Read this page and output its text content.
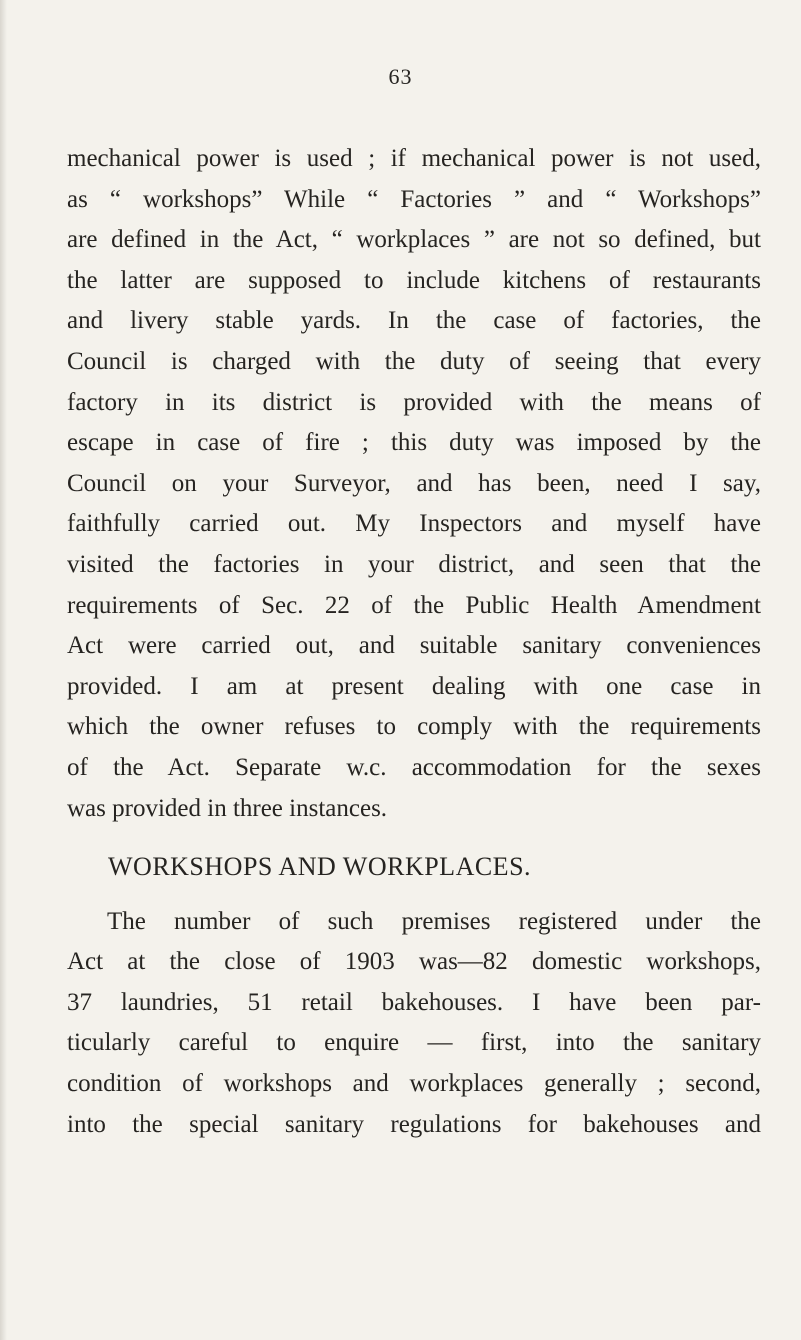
63

mechanical power is used ; if mechanical power is not used,
as “ workshops” While “ Factories ” and “ Workshops”
are defined in the Act, “ workplaces ” are not so defined, but
the latter are supposed to include kitchens of restaurants
and livery stable yards. In the case of factories, the
Council is charged with the duty of seeing that every
factory in its district is provided with the means of
escape in case of fire ; this duty was imposed by the
Council on your Surveyor, and has been, need I say,
faithfully carried out. My Inspectors and myself have
visited the factories in your district, and seen that the
requirements of Sec. 22 of the Public Health Amendment
Act were carried out, and suitable sanitary conveniences
provided. I am at present dealing with one case in
which the owner refuses to comply with the requirements
of the Act. Separate w.c. accommodation for the sexes
was provided in three instances.
WORKSHOPS AND WORKPLACES.
The number of such premises registered under the
Act at the close of 1903 was—82 domestic workshops,
37 laundries, 51 retail bakehouses. I have been par-
ticularly careful to enquire — first, into the sanitary
condition of workshops and workplaces generally ; second,
into the special sanitary regulations for bakehouses and
